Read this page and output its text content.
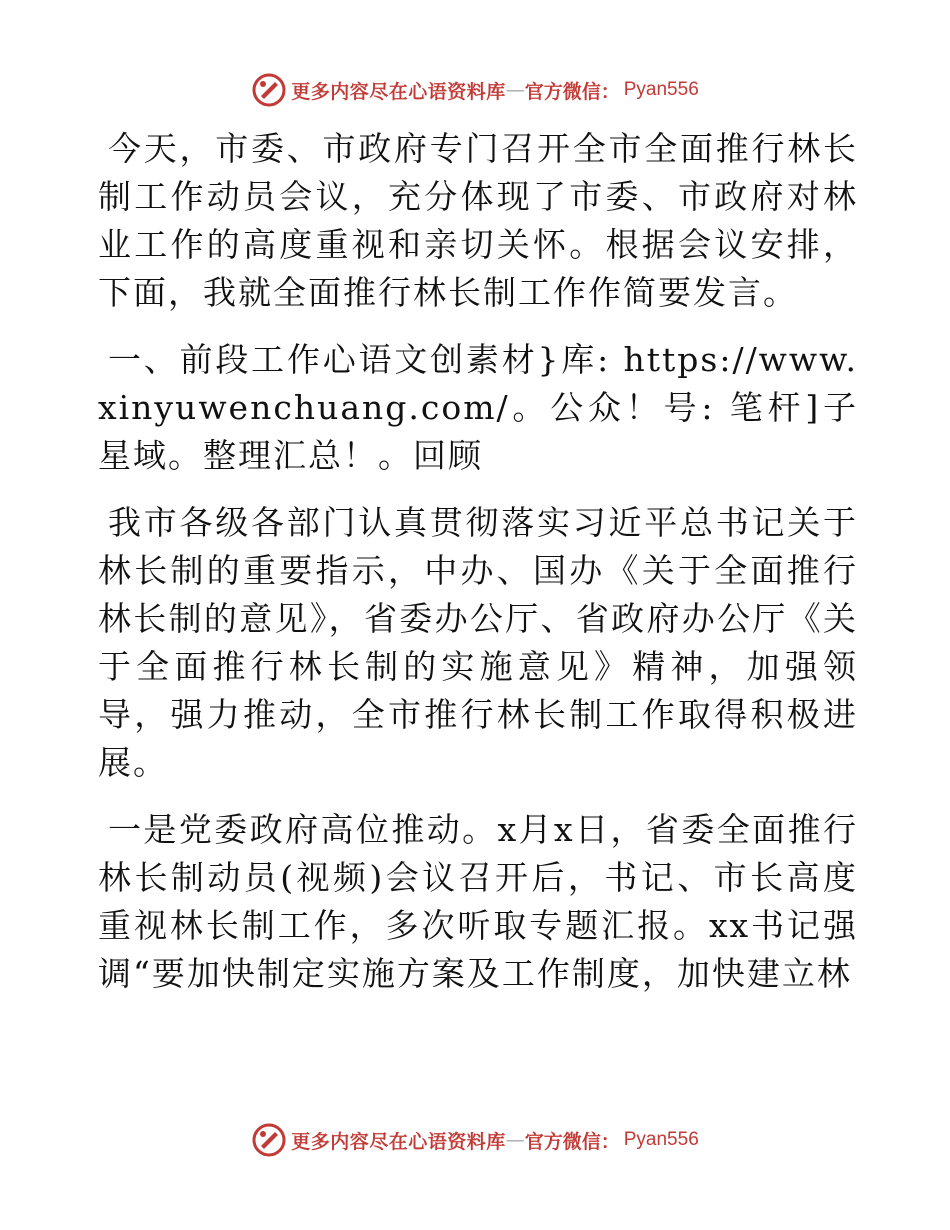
更多内容尽在心语资料库 — 官方微信： Pyan556

今天，市委、市政府专门召开全市全面推行林长制工作动员会议，充分体现了市委、市政府对林业工作的高度重视和亲切关怀。根据会议安排，下面，我就全面推行林长制工作作简要发言。

一、前段工作心语文创素材}库: https://www.xinyuwenchuang.com/。公众！号: 笔杆]子星域。整理汇总！。回顾

我市各级各部门认真贯彻落实习近平总书记关于林长制的重要指示，中办、国办《关于全面推行林长制的意见》，省委办公厅、省政府办公厅《关于全面推行林长制的实施意见》精神，加强领导，强力推动，全市推行林长制工作取得积极进展。

一是党委政府高位推动。x月x日，省委全面推行林长制动员(视频)会议召开后，书记、市长高度重视林长制工作，多次听取专题汇报。xx书记强调“要加快制定实施方案及工作制度，加快建立林

更多内容尽在心语资料库 — 官方微信： Pyan556
